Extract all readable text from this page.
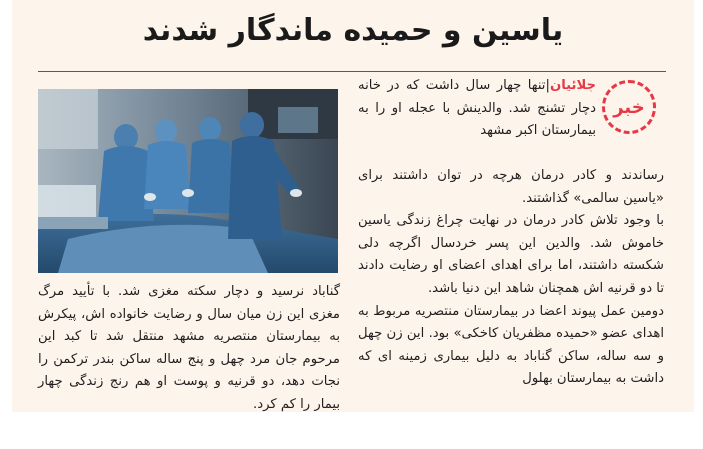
یاسین و حمیده ماندگار شدند
خبر

جلائیان|تنها چهار سال داشت که در خانه دچار تشنج شد. والدینش با عجله او را به بیمارستان اکبر مشهد

رساندند و کادر درمان هرچه در توان داشتند برای «یاسین سالمی» گذاشتند.

با وجود تلاش کادر درمان در نهایت چراغ زندگی یاسین خاموش شد. والدین این پسر خردسال اگرچه دلی شکسته داشتند، اما برای اهدای اعضای او رضایت دادند تا دو قرنیه اش همچنان شاهد این دنیا باشد.

دومین عمل پیوند اعضا در بیمارستان منتصریه مربوط به اهدای عضو «حمیده مظفریان کاخکی» بود. این زن چهل و سه ساله، ساکن گناباد به دلیل بیماری زمینه ای که داشت به بیمارستان بهلول

گناباد نرسید و دچار سکته مغزی شد. با تأیید مرگ مغزی این زن میان سال و رضایت خانواده اش، پیکرش به بیمارستان منتصریه مشهد منتقل شد تا کبد این مرحوم جان مرد چهل و پنج ساله ساکن بندر ترکمن را نجات دهد، دو قرنیه و پوست او هم رنج زندگی چهار بیمار را کم کرد.
